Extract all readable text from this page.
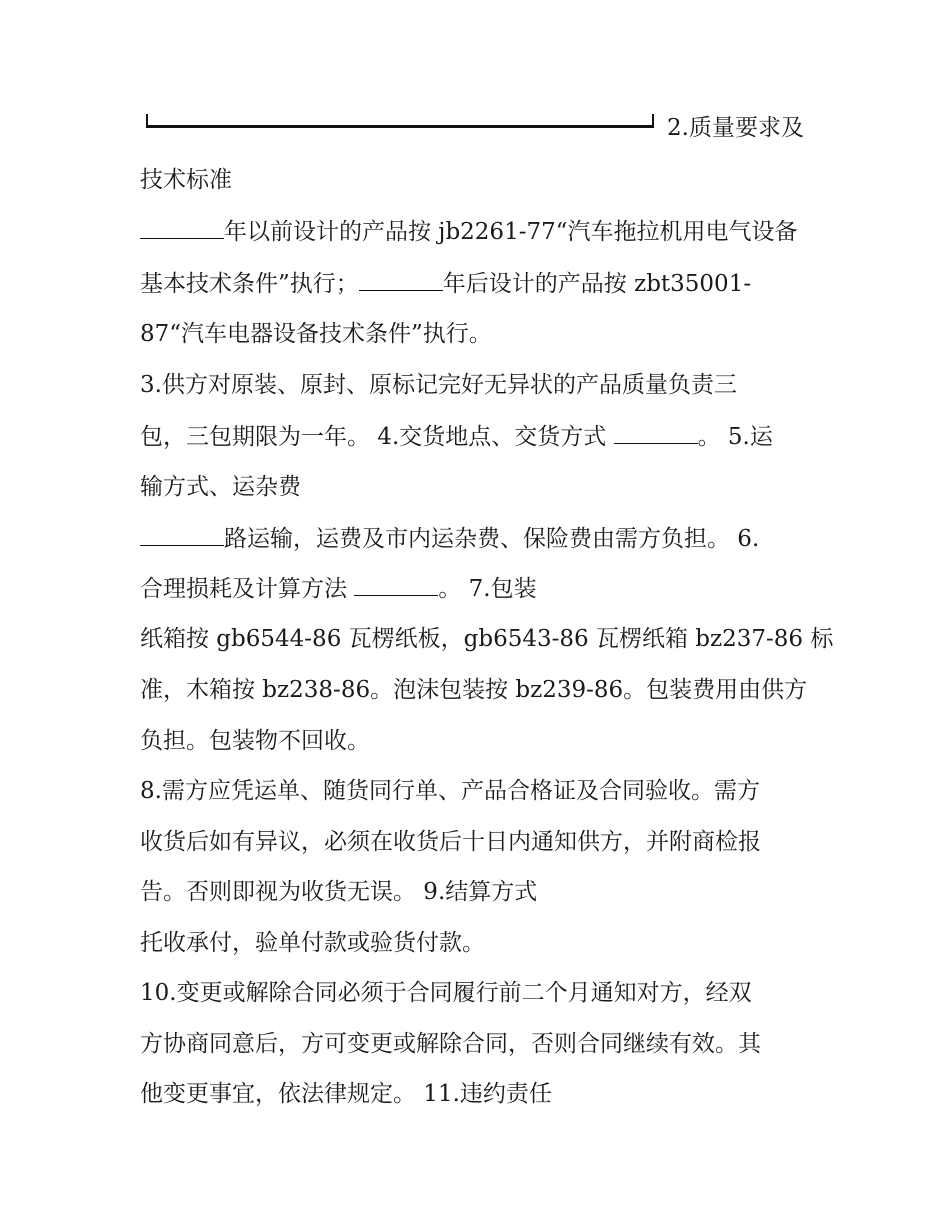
2.质量要求及
技术标准
年以前设计的产品按 jb2261-77“汽车拖拉机用电气设备
基本技术条件”执行；	年后设计的产品按 zbt35001-
87“汽车电器设备技术条件”执行。
3.供方对原装、原封、原标记完好无异状的产品质量负责三
包，三包期限为一年。 4.交货地点、交货方式	。 5.运
输方式、运杂费
路运输，运费及市内运杂费、保险费由需方负担。 6.
合理损耗及计算方法	。 7.包装
纸箱按 gb6544-86 瓦楞纸板，gb6543-86 瓦楞纸箱 bz237-86 标
准，木箱按 bz238-86。泡沫包装按 bz239-86。包装费用由供方
负担。包装物不回收。
8.需方应凭运单、随货同行单、产品合格证及合同验收。需方
收货后如有异议，必须在收货后十日内通知供方，并附商检报
告。否则即视为收货无误。 9.结算方式
托收承付，验单付款或验货付款。
10.变更或解除合同必须于合同履行前二个月通知对方，经双
方协商同意后，方可变更或解除合同，否则合同继续有效。其
他变更事宜，依法律规定。 11.违约责任
